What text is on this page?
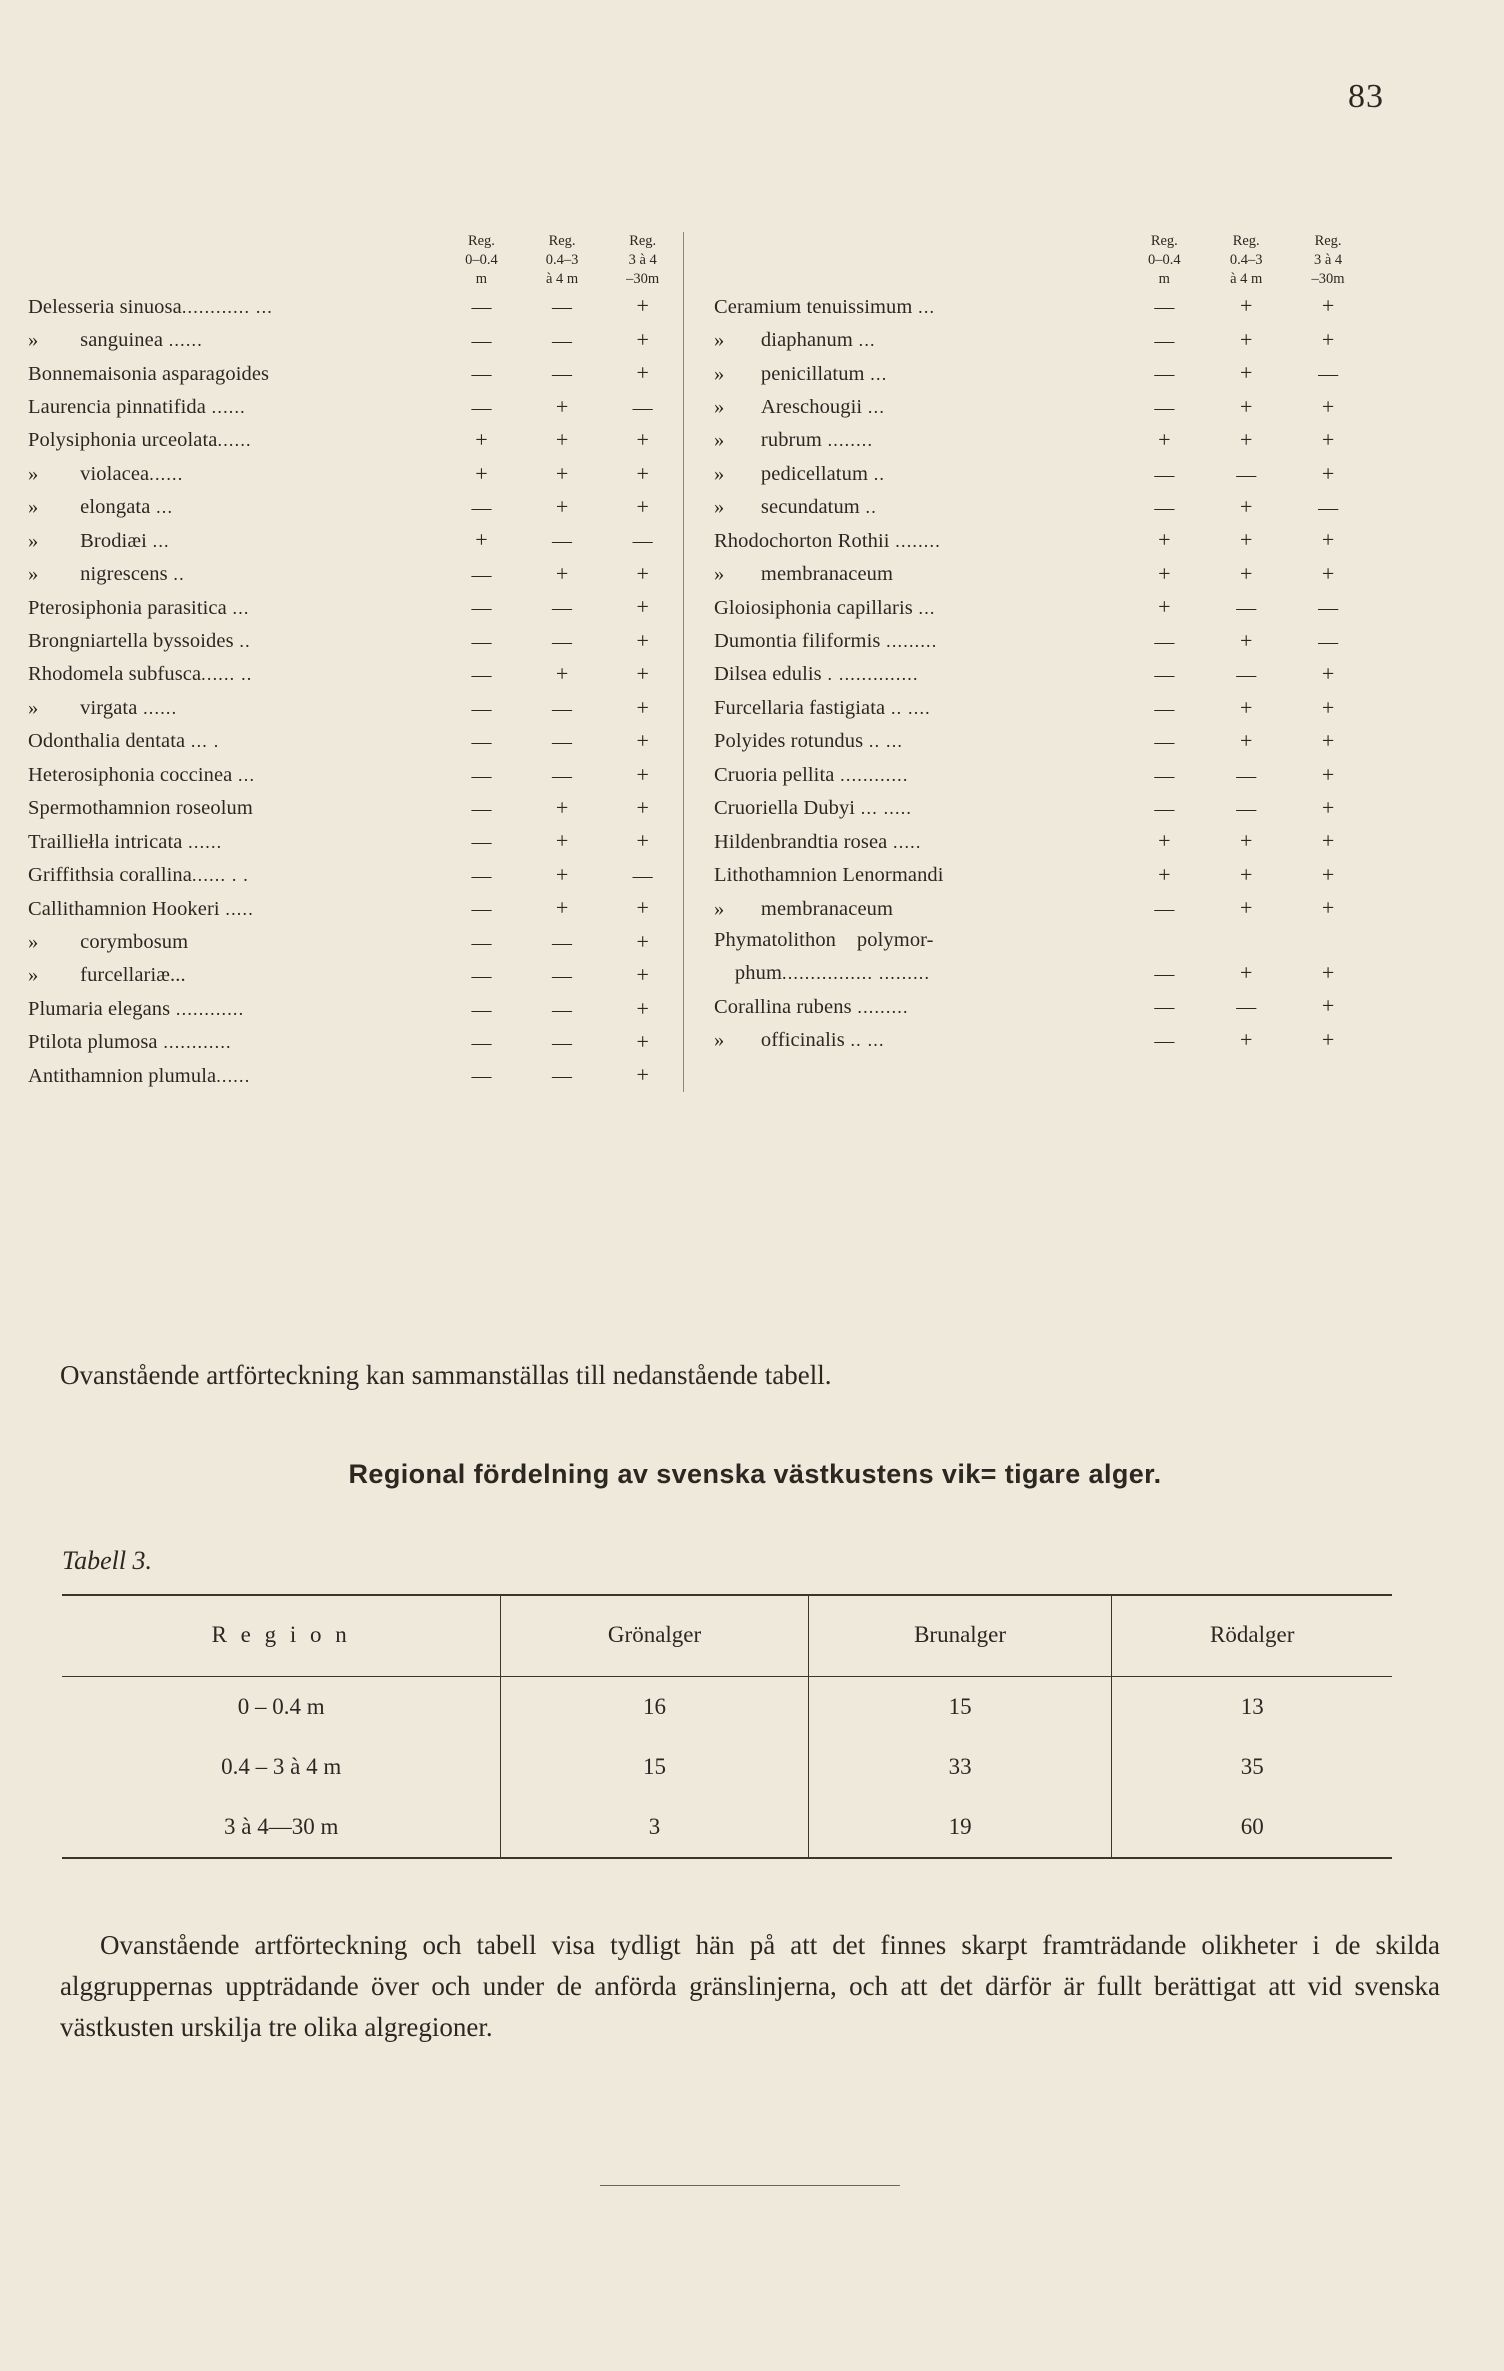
83

Reg.
0–0.4
m

Reg.
0.4–3
à 4 m

Reg.
3 à 4
–30m

Delesseria sinuosa............ ...	—	—	+
»        sanguinea ......	—	—	+
Bonnemaisonia asparagoides	—	—	+
Laurencia pinnatifida ......	—	+	—
Polysiphonia urceolata......	+	+	+
»        violacea......	+	+	+
»        elongata ...	—	+	+
»        Brodiæi ...	+	—	—
»        nigrescens ..	—	+	+
Pterosiphonia parasitica ...	—	—	+
Brongniartella byssoides ..	—	—	+
Rhodomela subfusca...... ..	—	+	+
»        virgata ......	—	—	+
Odonthalia dentata ... .	—	—	+
Heterosiphonia coccinea ...	—	—	+
Spermothamnion roseolum	—	+	+
Trailliełla intricata ......	—	+	+
Griffithsia corallina...... . .	—	+	—
Callithamnion Hookeri .....	—	+	+
»        corymbosum	—	—	+
»        furcellariæ...	—	—	+
Plumaria elegans ............	—	—	+
Ptilota plumosa ............	—	—	+
Antithamnion plumula......	—	—	+

Reg.
0–0.4
m

Reg.
0.4–3
à 4 m

Reg.
3 à 4
–30m

Ceramium tenuissimum ...	—	+	+
»       diaphanum ...	—	+	+
»       penicillatum ...	—	+	—
»       Areschougii ...	—	+	+
»       rubrum ........	+	+	+
»       pedicellatum ..	—	—	+
»       secundatum ..	—	+	—
Rhodochorton Rothii ........	+	+	+
»       membranaceum	+	+	+
Gloiosiphonia capillaris ...	+	—	—
Dumontia filiformis .........	—	+	—
Dilsea edulis . ..............	—	—	+
Furcellaria fastigiata .. ....	—	+	+
Polyides rotundus .. ...	—	+	+
Cruoria pellita ............	—	—	+
Cruoriella Dubyi ... .....	—	—	+
Hildenbrandtia rosea .....	+	+	+
Lithothamnion Lenormandi	+	+	+
»       membranaceum	—	+	+
Phymatolithon    polymor-			
phum................ .........	—	+	+
Corallina rubens .........	—	—	+
»       officinalis .. ...	—	+	+
Ovanstående artförteckning kan sammanställas till nedanstående tabell.
Regional fördelning av svenska västkustens vik= tigare alger.
Tabell 3.
R e g i o n	Grönalger	Brunalger	Rödalger
0 – 0.4 m	16	15	13
0.4 – 3 à 4 m	15	33	35
3 à 4—30 m	3	19	60
Ovanstående artförteckning och tabell visa tydligt hän på att det finnes skarpt framträdande olikheter i de skilda alggruppernas uppträdande över och under de anförda gränslinjerna, och att det därför är fullt berättigat att vid svenska västkusten urskilja tre olika algregioner.
